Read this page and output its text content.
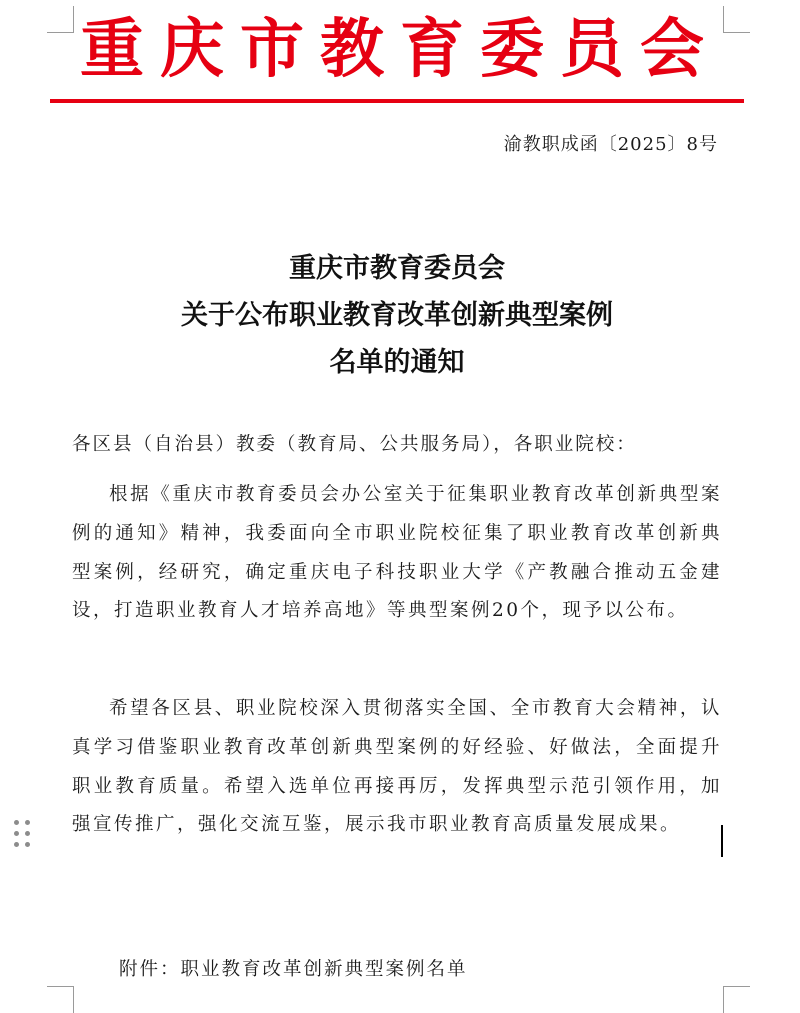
重庆市教育委员会
渝教职成函〔2025〕8号
重庆市教育委员会
关于公布职业教育改革创新典型案例
名单的通知
各区县（自治县）教委（教育局、公共服务局），各职业院校：

根据《重庆市教育委员会办公室关于征集职业教育改革创新典型案例的通知》精神，我委面向全市职业院校征集了职业教育改革创新典型案例，经研究，确定重庆电子科技职业大学《产教融合推动五金建设，打造职业教育人才培养高地》等典型案例20个，现予以公布。

希望各区县、职业院校深入贯彻落实全国、全市教育大会精神，认真学习借鉴职业教育改革创新典型案例的好经验、好做法，全面提升职业教育质量。希望入选单位再接再厉，发挥典型示范引领作用，加强宣传推广，强化交流互鉴，展示我市职业教育高质量发展成果。

附件：职业教育改革创新典型案例名单
